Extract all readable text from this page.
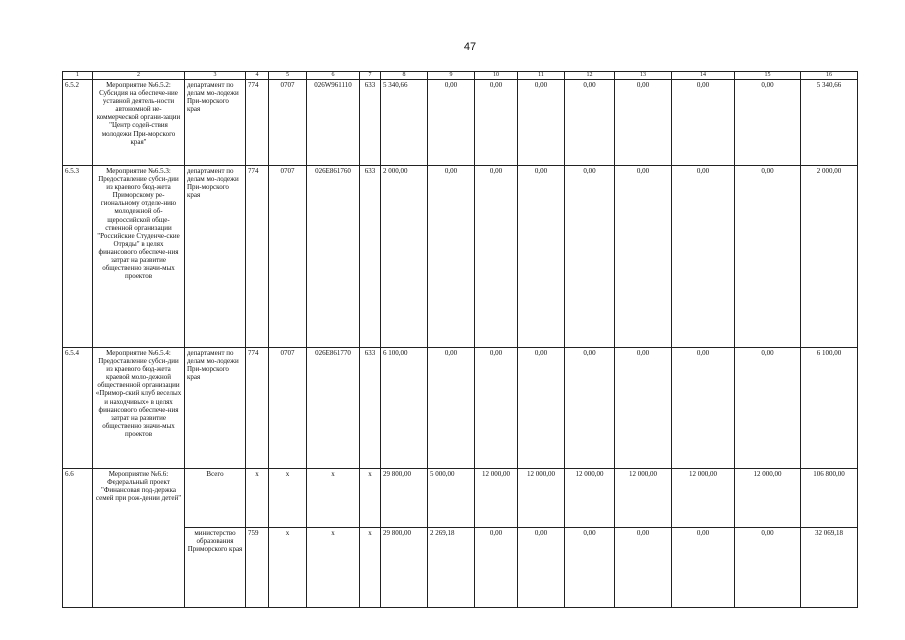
47
1	2	3	4	5	6	7	8	9	10	11	12	13	14	15	16
6.5.2	Мероприятие №6.5.2: Субсидия на обеспече-ние уставной деятель-ности автономной не-коммерческой органи-зации "Центр содей-ствия молодежи При-морского края"	департамент по делам мо-лодежи При-морского края	774	0707	026W961110	633	5 340,66	0,00	0,00	0,00	0,00	0,00	0,00	0,00	5 340,66
6.5.3	Мероприятие №6.5.3: Предоставление субси-дии из краевого бюд-жета Приморскому ре-гиональному отделе-нию молодежной об-щероссийской обще-ственной организации "Российские Студенче-ские Отряды" в целях финансового обеспече-ния затрат на развитие общественно значи-мых проектов	департамент по делам мо-лодежи При-морского края	774	0707	026E861760	633	2 000,00	0,00	0,00	0,00	0,00	0,00	0,00	0,00	2 000,00
6.5.4	Мероприятие №6.5.4: Предоставление субси-дии из краевого бюд-жета краевой моло-дежной общественной организации «Примор-ский клуб веселых и находчивых» в целях финансового обеспече-ния затрат на развитие общественно значи-мых проектов	департамент по делам мо-лодежи При-морского края	774	0707	026E861770	633	6 100,00	0,00	0,00	0,00	0,00	0,00	0,00	0,00	6 100,00
6.6	Мероприятие №6.6: Федеральный проект "Финансовая под-держка семей при рож-дении детей"	Всего	x	x	x	x	29 800,00	5 000,00	12 000,00	12 000,00	12 000,00	12 000,00	12 000,00	12 000,00	106 800,00
		министерство образования Приморского края	759	x	x	x	29 800,00	2 269,18	0,00	0,00	0,00	0,00	0,00	0,00	32 069,18
